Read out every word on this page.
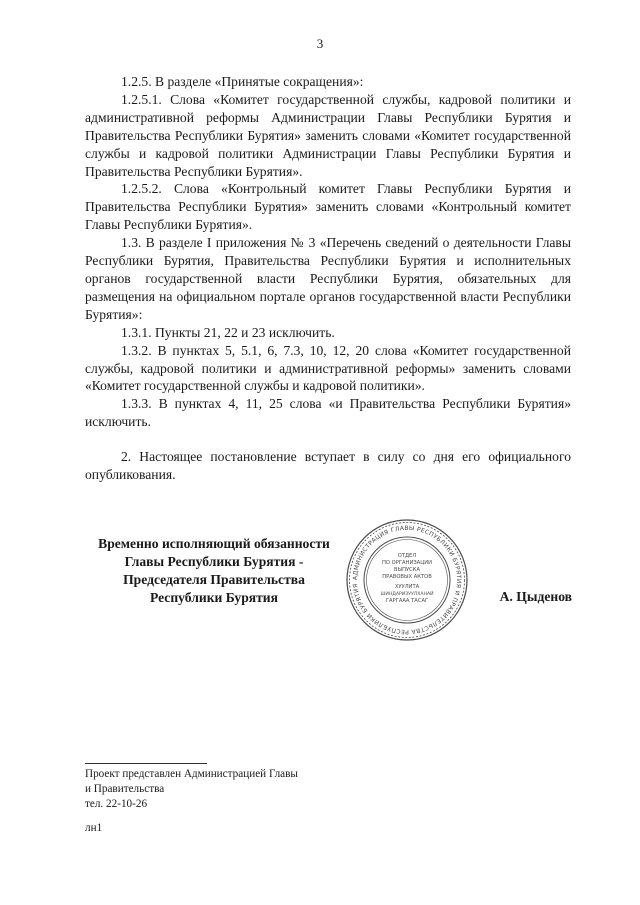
3

1.2.5. В разделе «Принятые сокращения»:

1.2.5.1. Слова «Комитет государственной службы, кадровой политики и административной реформы Администрации Главы Республики Бурятия и Правительства Республики Бурятия» заменить словами «Комитет государственной службы и кадровой политики Администрации Главы Республики Бурятия и Правительства Республики Бурятия».

1.2.5.2. Слова «Контрольный комитет Главы Республики Бурятия и Правительства Республики Бурятия» заменить словами «Контрольный комитет Главы Республики Бурятия».

1.3. В разделе I приложения № 3 «Перечень сведений о деятельности Главы Республики Бурятия, Правительства Республики Бурятия и исполнительных органов государственной власти Республики Бурятия, обязательных для размещения на официальном портале органов государственной власти Республики Бурятия»:

1.3.1. Пункты 21, 22 и 23 исключить.

1.3.2. В пунктах 5, 5.1, 6, 7.3, 10, 12, 20 слова «Комитет государственной службы, кадровой политики и административной реформы» заменить словами «Комитет государственной службы и кадровой политики».

1.3.3. В пунктах 4, 11, 25 слова «и Правительства Республики Бурятия» исключить.

2. Настоящее постановление вступает в силу со дня его официального опубликования.

Временно исполняющий обязанности
Главы Республики Бурятия -
Председателя Правительства
Республики Бурятия
АДМИНИСТРАЦИЯ ГЛАВЫ РЕСПУБЛИКИ БУРЯТИЯ И ПРАВИТЕЛЬСТВА РЕСПУБЛИКИ БУРЯТИЯ
ОТДЕЛ
ПО ОРГАНИЗАЦИИ
ВЫПУСКА
ПРАВОВЫХ АКТОВ
ХУУЛИТА
ШИНДАРИЗУУЛХАНАЙ
ГАРГААА ТАСАГ	А. Цыденов
Проект представлен Администрацией Главы
и Правительства
тел. 22-10-26
лн1
